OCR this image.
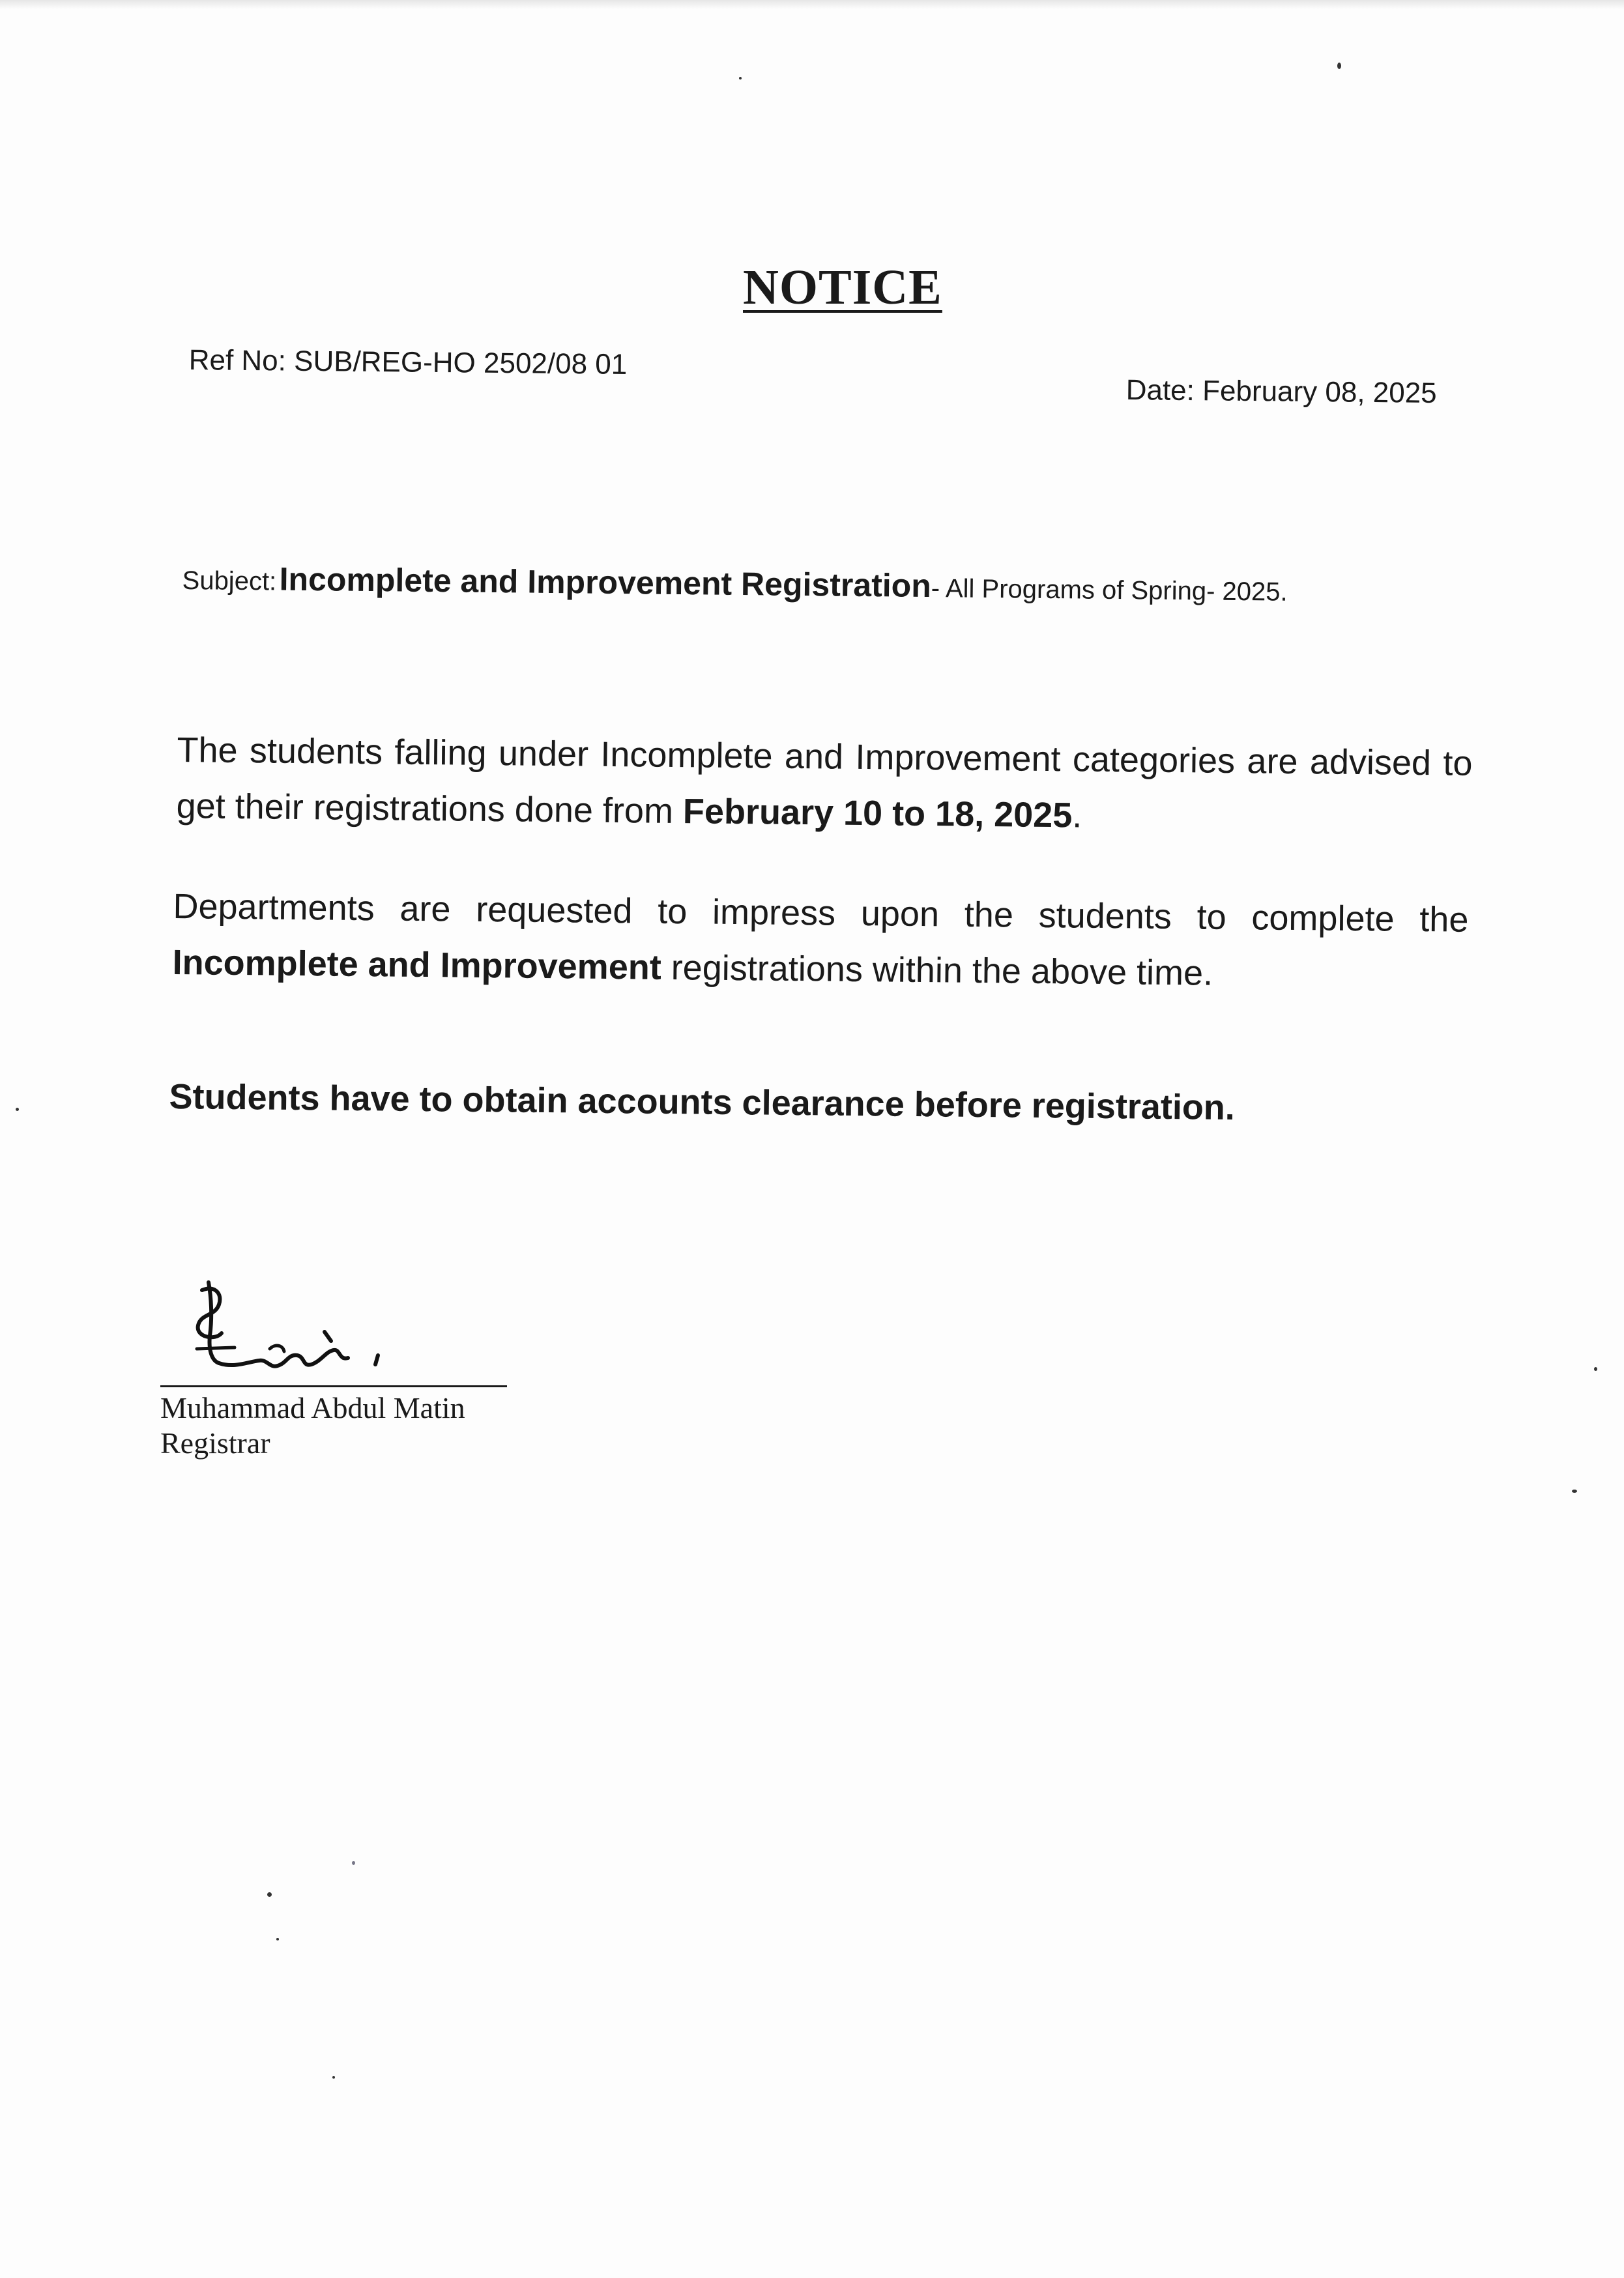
NOTICE
Ref No: SUB/REG-HO 2502/08 01
Date: February 08, 2025
Subject: Incomplete and Improvement Registration- All Programs of Spring- 2025.
The students falling under Incomplete and Improvement categories are advised to get their registrations done from February 10 to 18, 2025.
Departments are requested to impress upon the students to complete the Incomplete and Improvement registrations within the above time.
Students have to obtain accounts clearance before registration.
Muhammad Abdul Matin
Registrar
